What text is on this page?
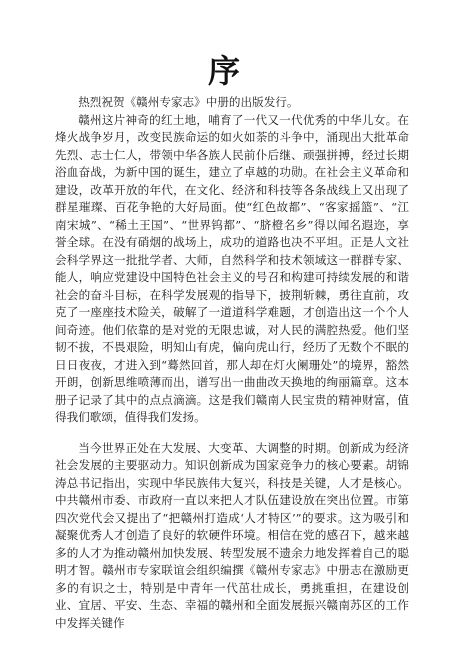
序

热烈祝贺《赣州专家志》中册的出版发行。

赣州这片神奇的红土地，哺育了一代又一代优秀的中华儿女。在烽火战争岁月，改变民族命运的如火如荼的斗争中，涌现出大批革命先烈、志士仁人，带领中华各族人民前仆后继、顽强拼搏，经过长期浴血奋战，为新中国的诞生，建立了卓越的功勋。在社会主义革命和建设，改革开放的年代，在文化、经济和科技等各条战线上又出现了群星璀璨、百花争艳的大好局面。使“红色故都”、“客家摇篮”、“江南宋城”、“稀土王国”、“世界钨都”、“脐橙名乡”得以闻名遐迩，享誉全球。在没有硝烟的战场上，成功的道路也决不平坦。正是人文社会科学界这一批批学者、大师，自然科学和技术领域这一群群专家、能人，响应党建设中国特色社会主义的号召和构建可持续发展的和谐社会的奋斗目标，在科学发展观的指导下，披荆斩棘，勇往直前，攻克了一座座技术险关，破解了一道道科学难题，才创造出这一个个人间奇迹。他们依靠的是对党的无限忠诚，对人民的满腔热爱。他们坚韧不拔，不畏艰险，明知山有虎，偏向虎山行，经历了无数个不眠的日日夜夜，才进入到“蓦然回首，那人却在灯火阑珊处”的境界，豁然开朗，创新思维喷薄而出，谱写出一曲曲改天换地的绚丽篇章。这本册子记录了其中的点点滴滴。这是我们赣南人民宝贵的精神财富，值得我们歌颂，值得我们发扬。

当今世界正处在大发展、大变革、大调整的时期。创新成为经济社会发展的主要驱动力。知识创新成为国家竞争力的核心要素。胡锦涛总书记指出，实现中华民族伟大复兴，科技是关键，人才是核心。中共赣州市委、市政府一直以来把人才队伍建设放在突出位置。市第四次党代会又提出了“把赣州打造成‘人才特区’”的要求。这为吸引和凝聚优秀人才创造了良好的软硬件环境。相信在党的感召下，越来越多的人才为推动赣州加快发展、转型发展不遗余力地发挥着自己的聪明才智。赣州市专家联谊会组织编撰《赣州专家志》中册志在激励更多的有识之士，特别是中青年一代茁壮成长，勇挑重担，在建设创业、宜居、平安、生态、幸福的赣州和全面发展振兴赣南苏区的工作中发挥关键作
